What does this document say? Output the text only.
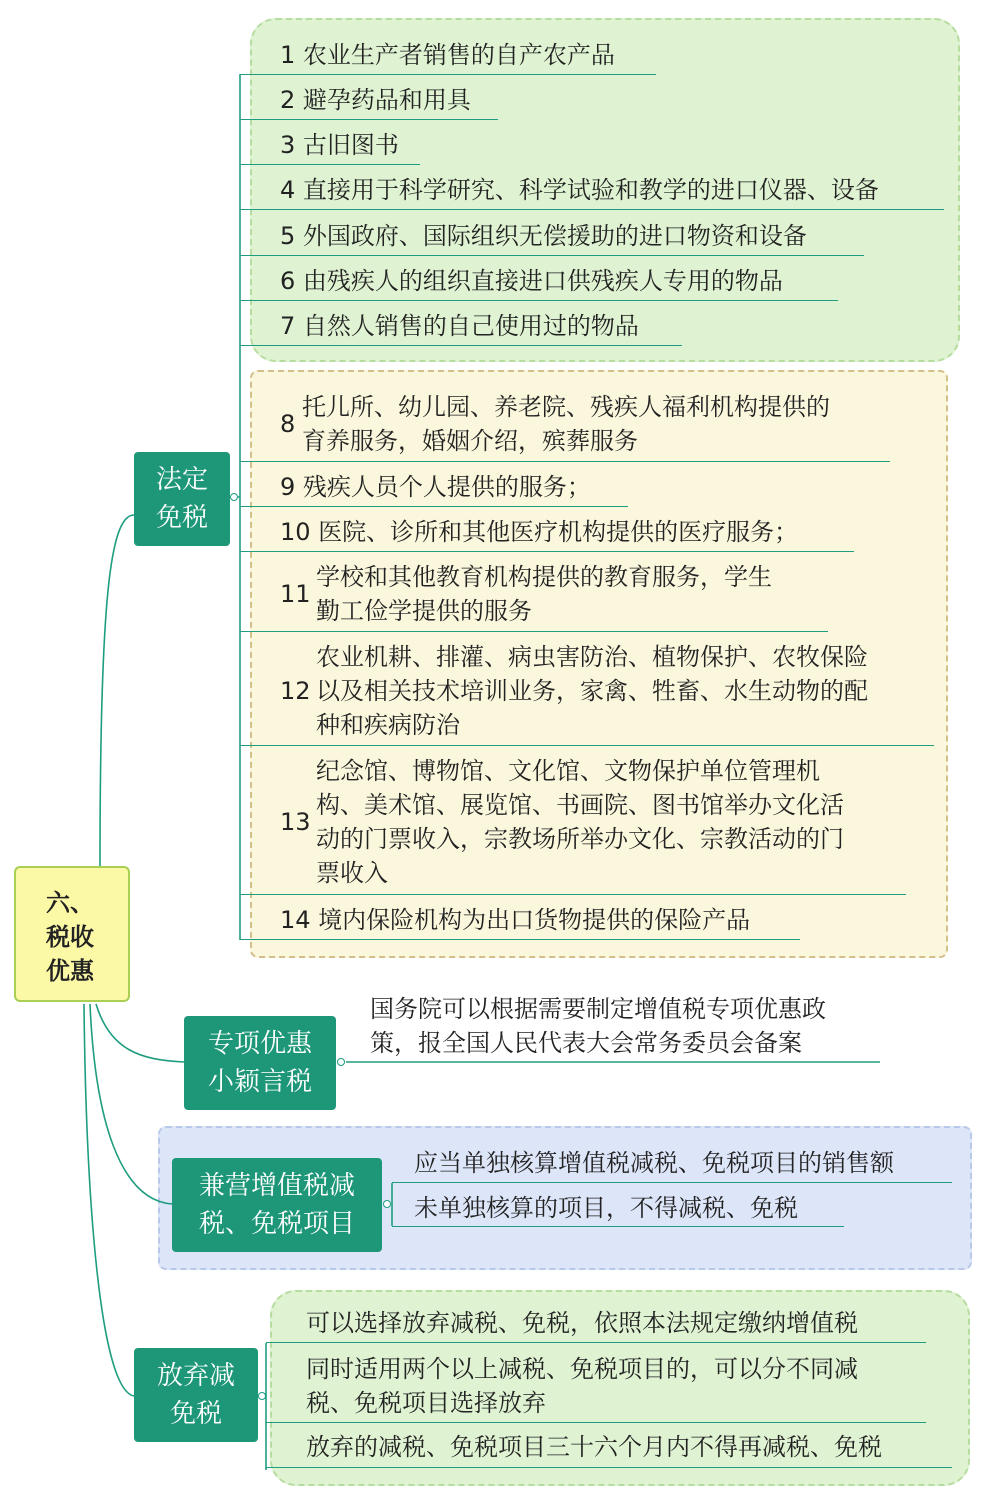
六、
税收
优惠
法定
免税
专项优惠
小颖言税
兼营增值税减
税、免税项目
放弃减
免税
1 农业生产者销售的自产农产品
2 避孕药品和用具
3 古旧图书
4 直接用于科学研究、科学试验和教学的进口仪器、设备
5 外国政府、国际组织无偿援助的进口物资和设备
6 由残疾人的组织直接进口供残疾人专用的物品
7 自然人销售的自己使用过的物品
8
托儿所、幼儿园、养老院、残疾人福利机构提供的
育养服务，婚姻介绍，殡葬服务
9 残疾人员个人提供的服务；
10 医院、诊所和其他医疗机构提供的医疗服务；
11
学校和其他教育机构提供的教育服务，学生
勤工俭学提供的服务
12
农业机耕、排灌、病虫害防治、植物保护、农牧保险
以及相关技术培训业务，家禽、牲畜、水生动物的配
种和疾病防治
13
纪念馆、博物馆、文化馆、文物保护单位管理机
构、美术馆、展览馆、书画院、图书馆举办文化活
动的门票收入，宗教场所举办文化、宗教活动的门
票收入
14 境内保险机构为出口货物提供的保险产品
国务院可以根据需要制定增值税专项优惠政
策，报全国人民代表大会常务委员会备案
应当单独核算增值税减税、免税项目的销售额
未单独核算的项目，不得减税、免税
可以选择放弃减税、免税，依照本法规定缴纳增值税
同时适用两个以上减税、免税项目的，可以分不同减
税、免税项目选择放弃
放弃的减税、免税项目三十六个月内不得再减税、免税
